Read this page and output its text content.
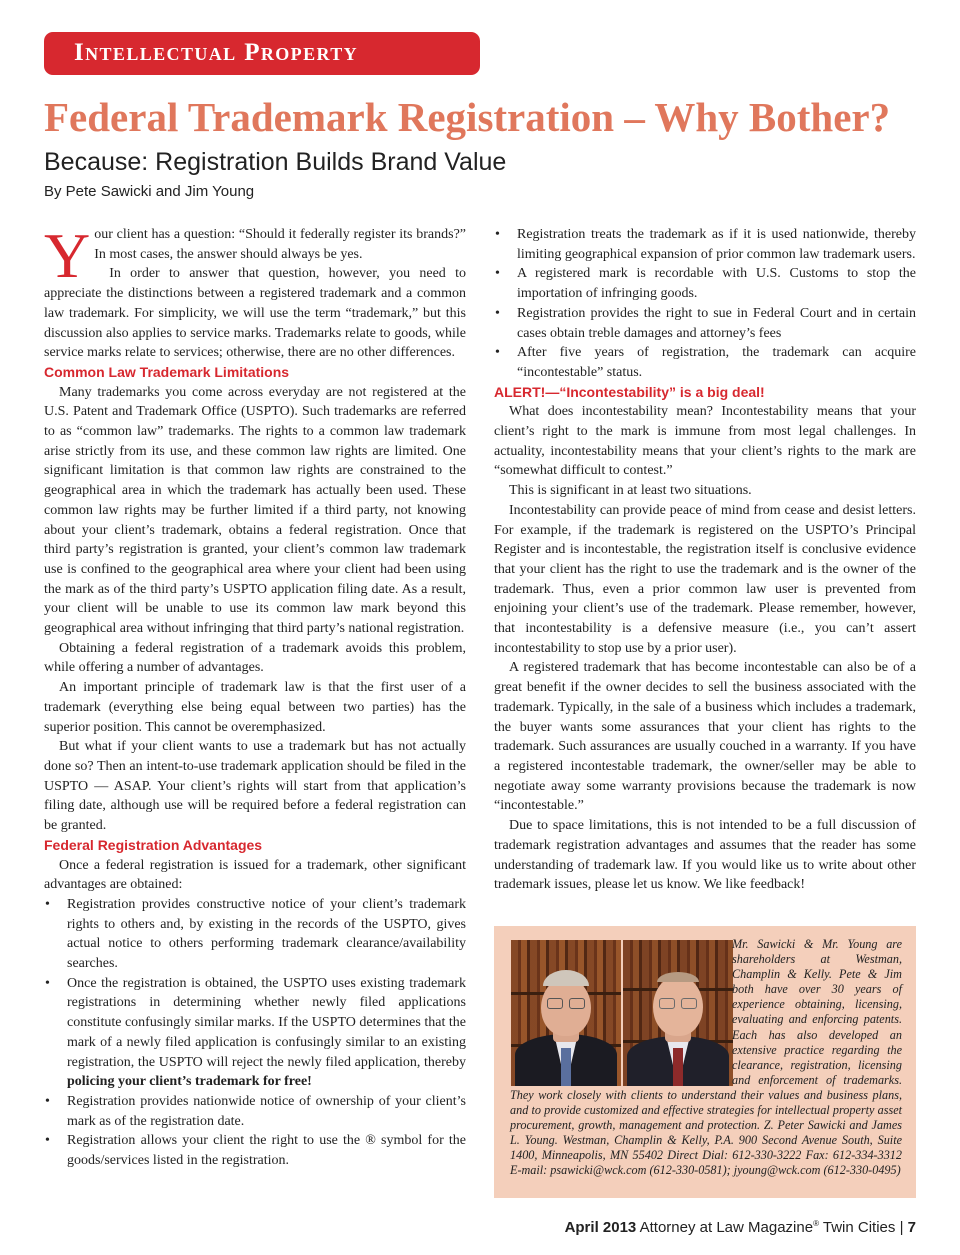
Intellectual Property
Federal Trademark Registration – Why Bother?
Because: Registration Builds Brand Value
By Pete Sawicki and Jim Young

Your client has a question: “Should it federally register its brands?” In most cases, the answer should always be yes.
In order to answer that question, however, you need to appreciate the distinctions between a registered trademark and a common law trademark. For simplicity, we will use the term “trademark,” but this discussion also applies to service marks. Trademarks relate to goods, while service marks relate to services; otherwise, there are no other differences.

Common Law Trademark Limitations

Many trademarks you come across everyday are not registered at the U.S. Patent and Trademark Office (USPTO). Such trademarks are referred to as “common law” trademarks. The rights to a common law trademark arise strictly from its use, and these common law rights are limited. One significant limitation is that common law rights are constrained to the geographical area in which the trademark has actually been used. These common law rights may be further limited if a third party, not knowing about your client’s trademark, obtains a federal registration. Once that third party’s registration is granted, your client’s common law trademark use is confined to the geographical area where your client had been using the mark as of the third party’s USPTO application filing date. As a result, your client will be unable to use its common law mark beyond this geographical area without infringing that third party’s national registration.

Obtaining a federal registration of a trademark avoids this problem, while offering a number of advantages.

An important principle of trademark law is that the first user of a trademark (everything else being equal between two parties) has the superior position. This cannot be overemphasized.

But what if your client wants to use a trademark but has not actually done so? Then an intent-to-use trademark application should be filed in the USPTO — ASAP. Your client’s rights will start from that application’s filing date, although use will be required before a federal registration can be granted.

Federal Registration Advantages

Once a federal registration is issued for a trademark, other significant advantages are obtained:

• Registration provides constructive notice of your client’s trademark rights to others and, by existing in the records of the USPTO, gives actual notice to others performing trademark clearance/availability searches.
• Once the registration is obtained, the USPTO uses existing trademark registrations in determining whether newly filed applications constitute confusingly similar marks. If the USPTO determines that the mark of a newly filed application is confusingly similar to an existing registration, the USPTO will reject the newly filed application, thereby policing your client’s trademark for free!
• Registration provides nationwide notice of ownership of your client’s mark as of the registration date.
• Registration allows your client the right to use the ® symbol for the goods/services listed in the registration.
• Registration treats the trademark as if it is used nationwide, thereby limiting geographical expansion of prior common law trademark users.
• A registered mark is recordable with U.S. Customs to stop the importation of infringing goods.
• Registration provides the right to sue in Federal Court and in certain cases obtain treble damages and attorney’s fees
• After five years of registration, the trademark can acquire “incontestable” status.
ALERT!—“Incontestability” is a big deal!

What does incontestability mean? Incontestability means that your client’s right to the mark is immune from most legal challenges. In actuality, incontestability means that your client’s rights to the mark are “somewhat difficult to contest.”

This is significant in at least two situations.

Incontestability can provide peace of mind from cease and desist letters. For example, if the trademark is registered on the USPTO’s Principal Register and is incontestable, the registration itself is conclusive evidence that your client has the right to use the trademark and is the owner of the trademark. Thus, even a prior common law user is prevented from enjoining your client’s use of the trademark. Please remember, however, that incontestability is a defensive measure (i.e., you can’t assert incontestability to stop use by a prior user).

A registered trademark that has become incontestable can also be of a great benefit if the owner decides to sell the business associated with the trademark. Typically, in the sale of a business which includes a trademark, the buyer wants some assurances that your client has rights to the trademark. Such assurances are usually couched in a warranty. If you have a registered incontestable trademark, the owner/seller may be able to negotiate away some warranty provisions because the trademark is now “incontestable.”

Due to space limitations, this is not intended to be a full discussion of trademark registration advantages and assumes that the reader has some understanding of trademark law. If you would like us to write about other trademark issues, please let us know. We like feedback!

Mr. Sawicki & Mr. Young are shareholders at Westman, Champlin & Kelly. Pete & Jim both have over 30 years of experience obtaining, licensing, evaluating and enforcing patents. Each has also developed an extensive practice regarding the clearance, registration, licensing and enforcement of trademarks. They work closely with clients to understand their values and business plans, and to provide customized and effective strategies for intellectual property asset procurement, growth, management and protection. Z. Peter Sawicki and James L. Young. Westman, Champlin & Kelly, P.A. 900 Second Avenue South, Suite 1400, Minneapolis, MN 55402 Direct Dial: 612-330-3222 Fax: 612-334-3312 E-mail: psawicki@wck.com (612-330-0581); jyoung@wck.com (612-330-0495)

April 2013 Attorney at Law Magazine® Twin Cities | 7
